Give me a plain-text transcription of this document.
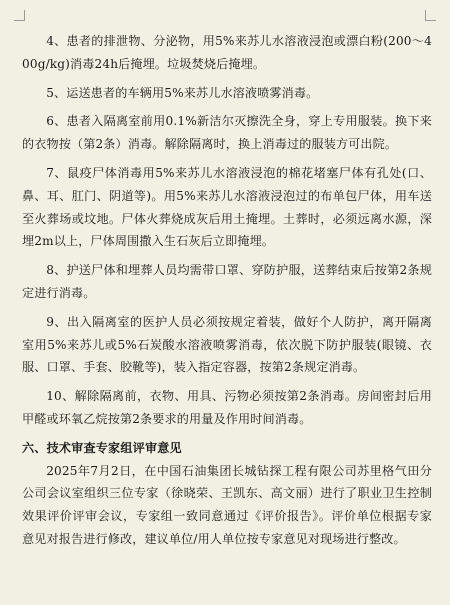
4、患者的排泄物、分泌物，用5%来苏儿水溶液浸泡或漂白粉(200～400g/kg)消毒24h后掩埋。垃圾焚烧后掩埋。

5、运送患者的车辆用5%来苏儿水溶液喷雾消毒。

6、患者入隔离室前用0.1%新洁尔灭擦洗全身，穿上专用服装。换下来的衣物按（第2条）消毒。解除隔离时，换上消毒过的服装方可出院。

7、鼠疫尸体消毒用5%来苏儿水溶液浸泡的棉花堵塞尸体有孔处(口、鼻、耳、肛门、阴道等)。用5%来苏儿水溶液浸泡过的布单包尸体，用车送至火葬场或坟地。尸体火葬烧成灰后用土掩埋。土葬时，必须远离水源，深埋2m以上，尸体周围撒入生石灰后立即掩埋。

8、护送尸体和埋葬人员均需带口罩、穿防护服，送葬结束后按第2条规定进行消毒。

9、出入隔离室的医护人员必须按规定着装，做好个人防护，离开隔离室用5%来苏儿或5%石炭酸水溶液喷雾消毒，依次脱下防护服装(眼镜、衣服、口罩、手套、胶靴等)，装入指定容器，按第2条规定消毒。

10、解除隔离前，衣物、用具、污物必须按第2条消毒。房间密封后用甲醛或环氧乙烷按第2条要求的用量及作用时间消毒。

六、技术审查专家组评审意见

2025年7月2日，在中国石油集团长城钻探工程有限公司苏里格气田分公司会议室组织三位专家（徐晓荣、王凯东、高文丽）进行了职业卫生控制效果评价评审会议，专家组一致同意通过《评价报告》。评价单位根据专家意见对报告进行修改，建议单位/用人单位按专家意见对现场进行整改。
